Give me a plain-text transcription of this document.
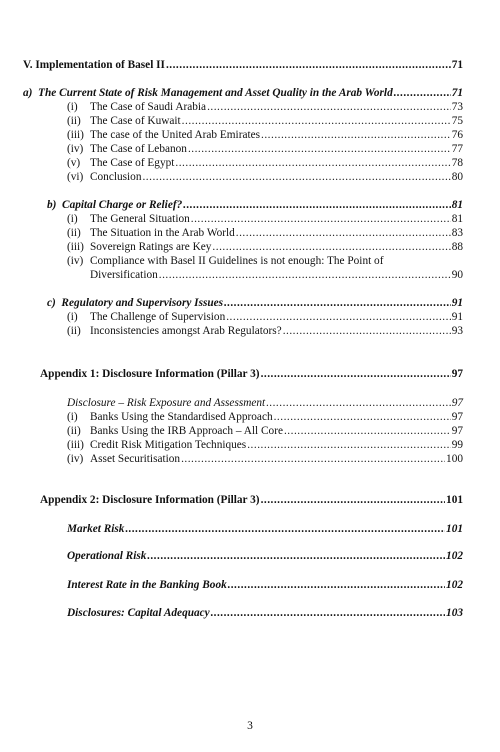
V. Implementation of Basel II .....	71
a)  The Current State of Risk Management and Asset Quality in the Arab World .....	71
(i)	The Case of Saudi Arabia .....	73
(ii) The Case of Kuwait .....	75
(iii) The case of the United Arab Emirates .....	76
(iv) The Case of Lebanon .....	77
(v) The Case of Egypt .....	78
(vi) Conclusion .....	80
b)  Capital Charge or Relief? .....	81
(i)	The General Situation .....	81
(ii) The Situation in the Arab World .....	83
(iii) Sovereign Ratings are Key .....	88
(iv) Compliance with Basel II Guidelines is not enough: The Point of
Diversification .....	90
c)  Regulatory and Supervisory Issues .....	91
(i)	The Challenge of Supervision .....	91
(ii) Inconsistencies amongst Arab Regulators? .....	93
Appendix 1: Disclosure Information (Pillar 3) .....	97
Disclosure – Risk Exposure and Assessment .....	97
(i)	Banks Using the Standardised Approach .....	97
(ii) Banks Using the IRB Approach – All Core .....	97
(iii) Credit Risk Mitigation Techniques .....	99
(iv) Asset Securitisation .....	100
Appendix 2: Disclosure Information (Pillar 3) .....	101
Market Risk .....	101
Operational Risk .....	102
Interest Rate in the Banking Book .....	102
Disclosures: Capital Adequacy .....	103
3
